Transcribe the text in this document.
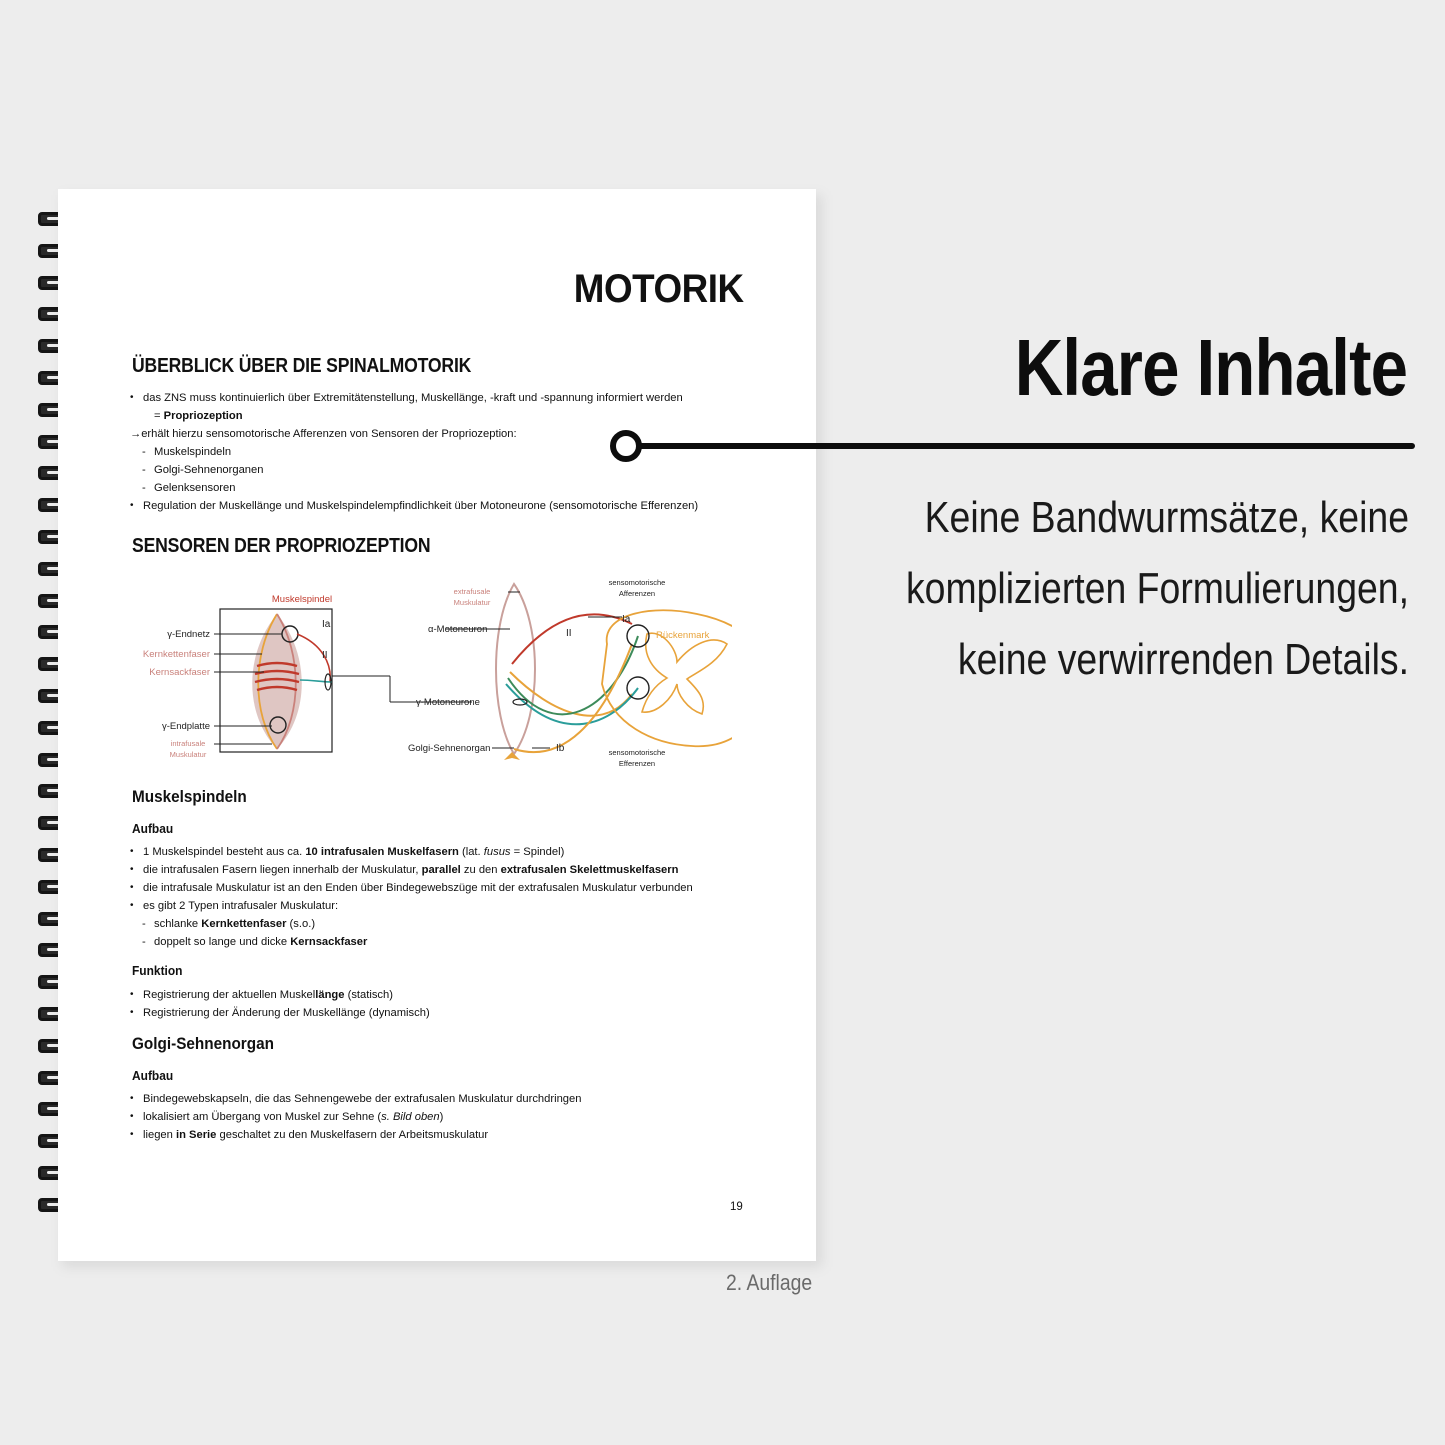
MOTORIK
ÜBERBLICK ÜBER DIE SPINALMOTORIK
• das ZNS muss kontinuierlich über Extremitätenstellung, Muskellänge, -kraft und -spannung informiert werden
= Propriozeption
→erhält hierzu sensomotorische Afferenzen von Sensoren der Propriozeption:
- Muskelspindeln
- Golgi-Sehnenorganen
- Gelenksensoren
• Regulation der Muskellänge und Muskelspindelempfindlichkeit über Motoneurone (sensomotorische Efferenzen)
SENSOREN DER PROPRIOZEPTION
Muskelspindel
γ-Endnetz
Kernkettenfaser
Kernsackfaser
γ-Endplatte
intrafusale
Muskulatur
Ia
II
extrafusale
Muskulatur
α-Motoneuron
γ-Motoneurone
Golgi-Sehnenorgan	Ib
II
Ia
sensomotorische
Afferenzen
sensomotorische
Efferenzen
Rückenmark
Muskelspindeln
Aufbau
• 1 Muskelspindel besteht aus ca. 10 intrafusalen Muskelfasern (lat. fusus = Spindel)
• die intrafusalen Fasern liegen innerhalb der Muskulatur, parallel zu den extrafusalen Skelettmuskelfasern
• die intrafusale Muskulatur ist an den Enden über Bindegewebszüge mit der extrafusalen Muskulatur verbunden
• es gibt 2 Typen intrafusaler Muskulatur:
- schlanke Kernkettenfaser (s.o.)
- doppelt so lange und dicke Kernsackfaser
Funktion
• Registrierung der aktuellen Muskellänge (statisch)
• Registrierung der Änderung der Muskellänge (dynamisch)
Golgi-Sehnenorgan
Aufbau
• Bindegewebskapseln, die das Sehnengewebe der extrafusalen Muskulatur durchdringen
• lokalisiert am Übergang von Muskel zur Sehne (s. Bild oben)
• liegen in Serie geschaltet zu den Muskelfasern der Arbeitsmuskulatur
19
Klare Inhalte
Keine Bandwurmsätze, keine
komplizierten Formulierungen,
keine verwirrenden Details.
2. Auflage
